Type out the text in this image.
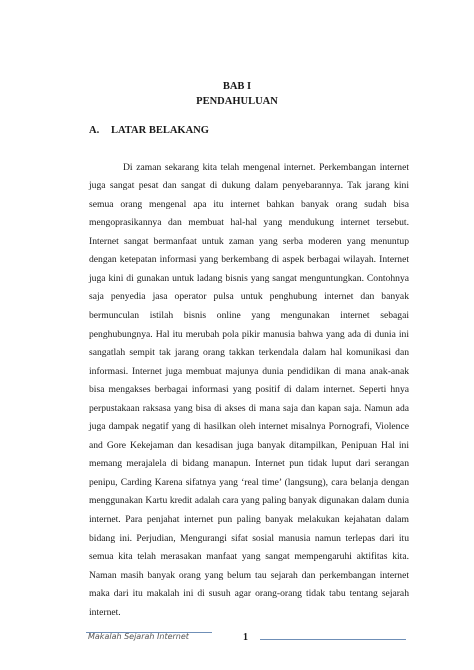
BAB I
PENDAHULUAN
A. LATAR BELAKANG

Di zaman sekarang kita telah mengenal internet. Perkembangan internet juga sangat pesat dan sangat di dukung dalam penyebarannya. Tak jarang kini semua orang mengenal apa itu internet bahkan banyak orang sudah bisa mengoprasikannya dan membuat hal-hal yang mendukung internet tersebut. Internet sangat bermanfaat untuk zaman yang serba moderen yang menuntup dengan ketepatan informasi yang berkembang di aspek berbagai wilayah. Internet juga kini di gunakan untuk ladang bisnis yang sangat menguntungkan. Contohnya saja penyedia jasa operator pulsa untuk penghubung internet dan banyak bermunculan istilah bisnis online yang mengunakan internet sebagai penghubungnya. Hal itu merubah pola pikir manusia bahwa yang ada di dunia ini sangatlah sempit tak jarang orang takkan terkendala dalam hal komunikasi dan informasi. Internet juga membuat majunya dunia pendidikan di mana anak-anak bisa mengakses berbagai informasi yang positif di dalam internet. Seperti hnya perpustakaan raksasa yang bisa di akses di mana saja dan kapan saja. Namun ada juga dampak negatif yang di hasilkan oleh internet misalnya Pornografi, Violence and Gore Kekejaman dan kesadisan juga banyak ditampilkan, Penipuan Hal ini memang merajalela di bidang manapun. Internet pun tidak luput dari serangan penipu, Carding Karena sifatnya yang ‘real time’ (langsung), cara belanja dengan menggunakan Kartu kredit adalah cara yang paling banyak digunakan dalam dunia internet. Para penjahat internet pun paling banyak melakukan kejahatan dalam bidang ini. Perjudian, Mengurangi sifat sosial manusia namun terlepas dari itu semua kita telah merasakan manfaat yang sangat mempengaruhi aktifitas kita. Naman masih banyak orang yang belum tau sejarah dan perkembangan internet maka dari itu makalah ini di susuh agar orang-orang tidak tabu tentang sejarah internet.

Makalah Sejarah Internet	1
